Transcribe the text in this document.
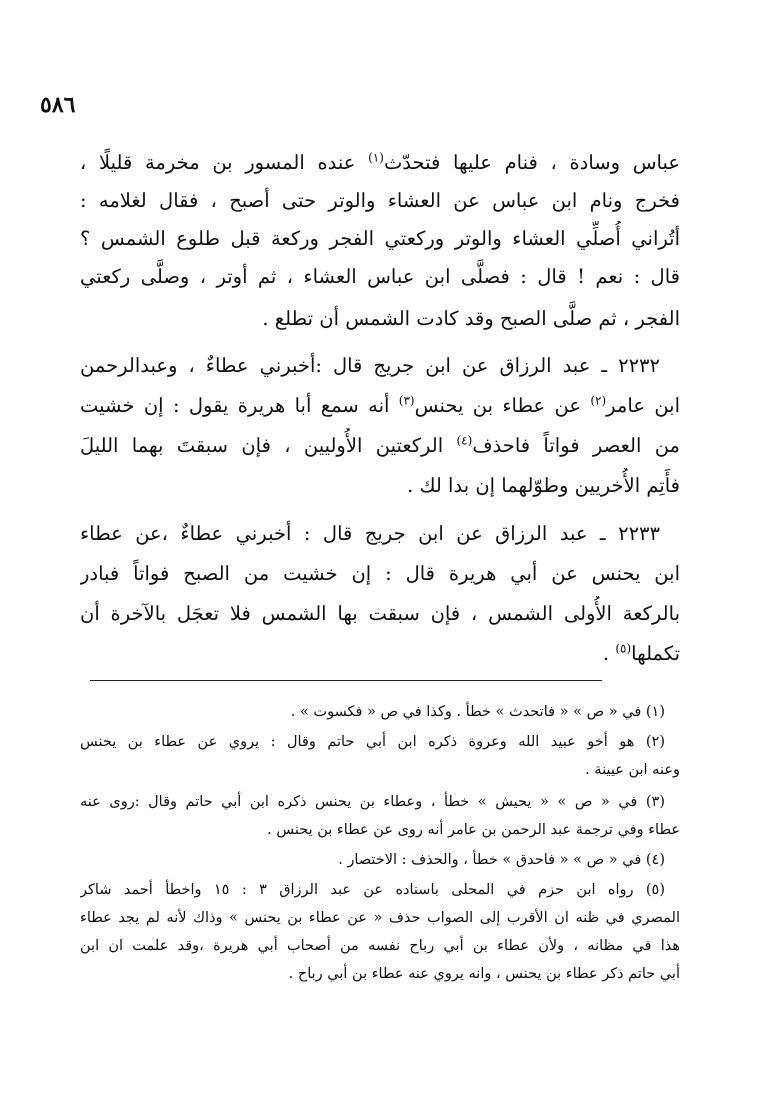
٥٨٦
عباس وسادة ، فنام عليها فتحدّث$^{(١)}$ عنده المسور بن مخرمة قليلًا ،
فخرج ونام ابن عباس عن العشاء والوتر حتى أصبح ، فقال لغلامه :
أتُراني أُصلِّي العشاء والوتر وركعتي الفجر وركعة قبل طلوع الشمس ؟
قال : نعم ! قال : فصلَّى ابن عباس العشاء ، ثم أوتر ، وصلَّى ركعتي
الفجر ، ثم صلَّى الصبح وقد كادت الشمس أن تطلع .
٢٢٣٢ ـ عبد الرزاق عن ابن جريج قال :أخبرني عطاءٌ ، وعبدالرحمن
ابن عامر$^{(٢)}$ عن عطاء بن يحنس$^{(٣)}$ أنه سمع أبا هريرة يقول : إن خشيت
من العصر فواتاً فاحذف$^{(٤)}$ الركعتين الأُوليين ، فإن سبقتَ بهما الليلَ
فأَتِم الأُخريين وطوّلهما إن بدا لك .
٢٢٣٣ ـ عبد الرزاق عن ابن جريج قال : أخبرني عطاءٌ ،عن عطاء
ابن يحنس عن أبي هريرة قال : إن خشيت من الصبح فواتاً فبادر
بالركعة الأُولى الشمس ، فإن سبقت بها الشمس فلا تعجَل بالآخرة أن
تكملها$^{(٥)}$ .
(١) في « ص » « فاتحدث » خطأ . وكذا في ص « فكسوت » .
(٢) هو أخو عبيد الله وعروة ذكره ابن أبي حاتم وقال : يروي عن عطاء بن يحنس
وعنه ابن عيينة .
(٣) في « ص » « يحيش » خطأ ، وعطاء بن يحنس ذكره ابن أبي حاتم وقال :روى عنه
عطاء وفي ترجمة عبد الرحمن بن عامر أنه روى عن عطاء بن يحنس .
(٤) في « ص » « فاحدق » خطأ ، والحذف : الاختصار .
(٥) رواه ابن حزم في المحلى باسناده عن عبد الرزاق ٣ : ١٥ واخطأ أحمد شاكر
المصري في ظنه ان الأقرب إلى الصواب حذف « عن عطاء بن يحنس » وذاك لأنه لم يجد عطاء
هذا في مظانه ، ولأن عطاء بن أبي رباح نفسه من أصحاب أبي هريرة ،وقد علمت ان ابن
أبي حاتم ذكر عطاء بن يحنس ، وانه يروي عنه عطاء بن أبي رباح .
